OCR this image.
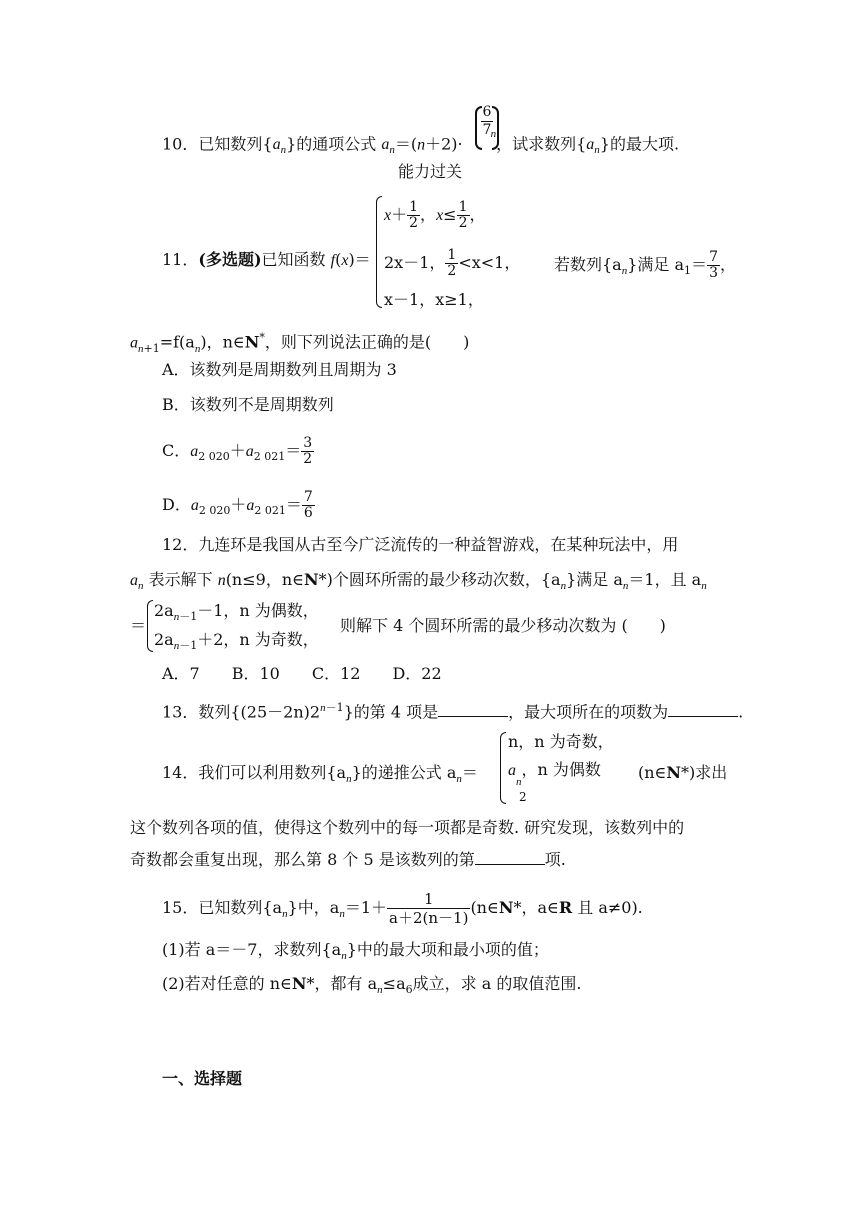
10．已知数列$\{a_n\}$的通项公式 $a_n=(n+2)\cdot^n$，试求数列$\{a_n\}$的最大项.
6
7
能力过关
11．(多选题)已知函数 f(x)＝
$x+ \frac{1}{2}$ ，$x\le \frac{1}{2}$ ，
2x－1， $\frac{1}{2} <x<1$，
x－1，x≥1，
若数列$\{a_n\}$满足 $a_1= \frac{7}{3}$ ，
$a_{n+1}=f(a_n)$，n∈N*，则下列说法正确的是(　　)
A．该数列是周期数列且周期为 3
B．该数列不是周期数列
C．$a_{2 020}+a_{2 021}= \frac{3}{2}$
D．$a_{2 020}+a_{2 021}= \frac{7}{6}$
12．九连环是我国从古至今广泛流传的一种益智游戏，在某种玩法中，用
$a_n$ 表示解下 n(n≤9，n∈N*)个圆环所需的最少移动次数，$\{a_n\}$满足 $a_n=1$，且 $a_n$
＝
$2a_{n-1}-1$，n 为偶数，
$2a_{n-1}+2$，n 为奇数，
则解下 4 个圆环所需的最少移动次数为 (　　)
A．7　　B．10　　C．12　　D．22
13．数列$\{(25-2n)2^{n-1}\}$的第 4 项是	，最大项所在的项数为	.
14．我们可以利用数列$\{a_n\}$的递推公式 $a_n=$
n，n 为奇数，
$a_n$，n 为偶数
2
(n∈N*)求出
这个数列各项的值，使得这个数列中的每一项都是奇数. 研究发现，该数列中的
奇数都会重复出现，那么第 8 个 5 是该数列的第	项.
15．已知数列$\{a_n\}$中，$a_n=1+ \frac{1}{a+2(n-1)}$ (n∈N*，a∈R 且 a≠0).
(1)若 a＝－7，求数列$\{a_n\}$中的最大项和最小项的值；
(2)若对任意的 n∈N*，都有 $a_n\le a_6$成立，求 a 的取值范围.
一、选择题
